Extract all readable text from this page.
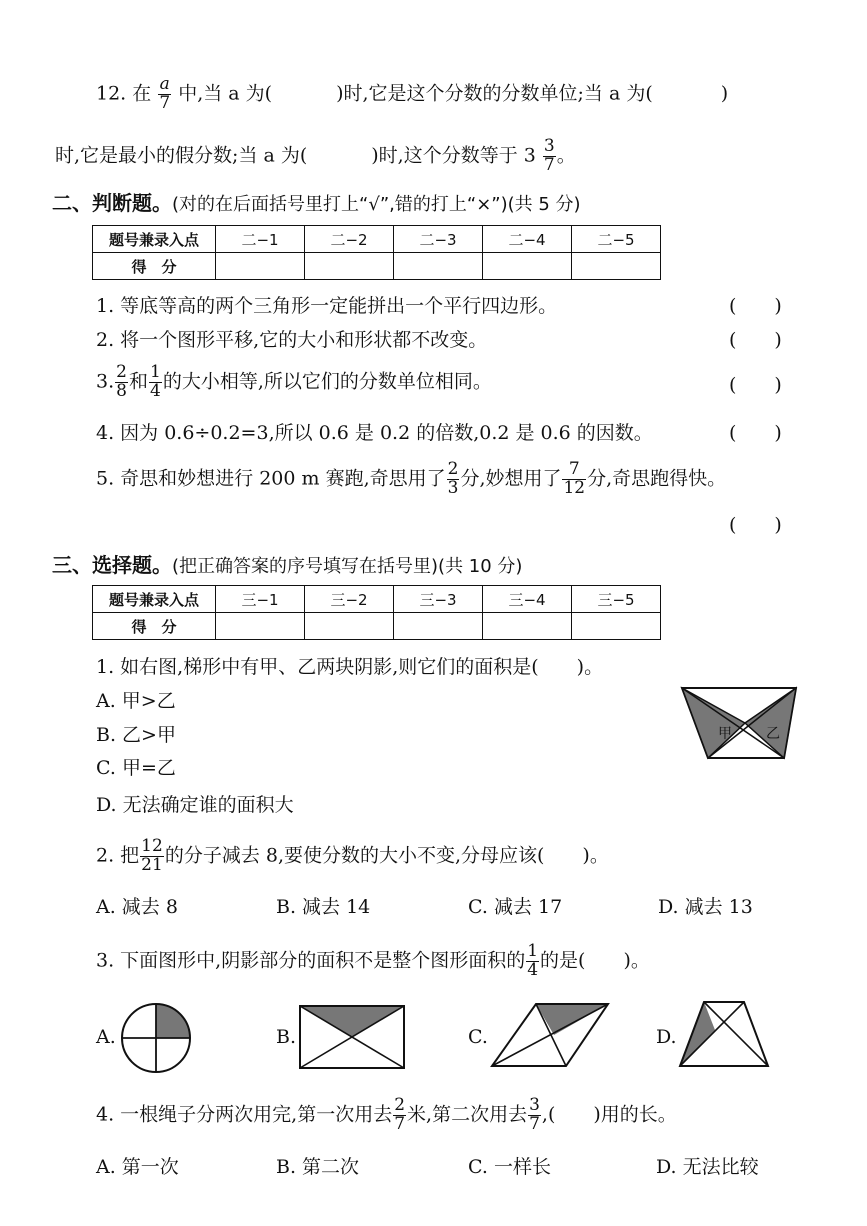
12. 在 $\frac{a}{7}$ 中,当 a 为(	)时,它是这个分数的分数单位;当 a 为(	)
时,它是最小的假分数;当 a 为(	)时,这个分数等于 $3 \frac{3}{7}$ 。
二、判断题。(对的在后面括号里打上“√”,错的打上“×”)(共 5 分)
题号兼录入点	二−1	二−2	二−3	二−4	二−5
得　分					
1. 等底等高的两个三角形一定能拼出一个平行四边形。	(　　)
2. 将一个图形平移,它的大小和形状都不改变。	(　　)
3. $\frac{2}{8}$ 和 $\frac{1}{4}$ 的大小相等,所以它们的分数单位相同。	(　　)
4. 因为 0.6÷0.2=3,所以 0.6 是 0.2 的倍数,0.2 是 0.6 的因数。	(　　)
5. 奇思和妙想进行 200 m 赛跑,奇思用了 $\frac{2}{3}$ 分,妙想用了 $\frac{7}{12}$ 分,奇思跑得快。
(　　)
三、选择题。(把正确答案的序号填写在括号里)(共 10 分)
题号兼录入点	三−1	三−2	三−3	三−4	三−5
得　分					
1. 如右图,梯形中有甲、乙两块阴影,则它们的面积是(　　)。
A. 甲>乙
B. 乙>甲
C. 甲=乙
D. 无法确定谁的面积大
甲 乙
2. 把 $\frac{12}{21}$ 的分子减去 8,要使分数的大小不变,分母应该(　　)。
A. 减去 8	B. 减去 14	C. 减去 17	D. 减去 13
3. 下面图形中,阴影部分的面积不是整个图形面积的 $\frac{1}{4}$ 的是(　　)。
A.	B.	C.	D.
4. 一根绳子分两次用完,第一次用去 $\frac{2}{7}$ 米,第二次用去 $\frac{3}{7}$ ,(　　)用的长。
A. 第一次	B. 第二次	C. 一样长	D. 无法比较
